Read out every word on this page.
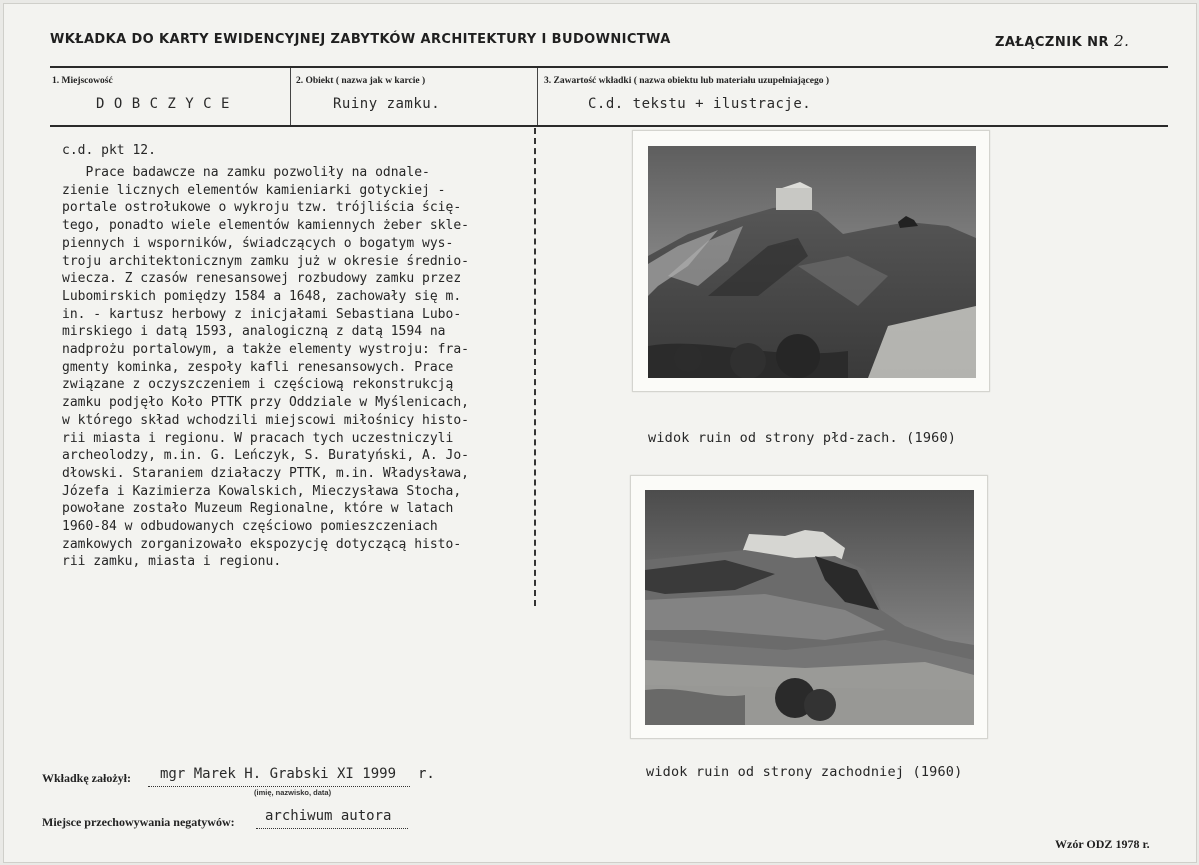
WKŁADKA DO KARTY EWIDENCYJNEJ ZABYTKÓW ARCHITEKTURY I BUDOWNICTWA	ZAŁĄCZNIK NR 2.
1. Miejscowość
D O B C Z Y C E
2. Obiekt ( nazwa jak w karcie )
Ruiny zamku.
3. Zawartość wkładki ( nazwa obiektu lub materiału uzupełniającego )
C.d. tekstu + ilustracje.
c.d. pkt 12.
Prace badawcze na zamku pozwoliły na odnale-
zienie licznych elementów kamieniarki gotyckiej -
portale ostrołukowe o wykroju tzw. trójliścia ścię-
tego, ponadto wiele elementów kamiennych żeber skle-
piennych i wsporników, świadczących o bogatym wys-
troju architektonicznym zamku już w okresie średnio-
wiecza. Z czasów renesansowej rozbudowy zamku przez
Lubomirskich pomiędzy 1584 a 1648, zachowały się m.
in. - kartusz herbowy z inicjałami Sebastiana Lubo-
mirskiego i datą 1593, analogiczną z datą 1594 na
nadprożu portalowym, a także elementy wystroju: fra-
gmenty kominka, zespoły kafli renesansowych. Prace
związane z oczyszczeniem i częściową rekonstrukcją
zamku podjęło Koło PTTK przy Oddziale w Myślenicach,
w którego skład wchodzili miejscowi miłośnicy histo-
rii miasta i regionu. W pracach tych uczestniczyli
archeolodzy, m.in. G. Leńczyk, S. Buratyński, A. Jo-
dłowski. Staraniem działaczy PTTK, m.in. Władysława,
Józefa i Kazimierza Kowalskich, Mieczysława Stocha,
powołane zostało Muzeum Regionalne, które w latach
1960-84 w odbudowanych częściowo pomieszczeniach
zamkowych zorganizowało ekspozycję dotyczącą histo-
rii zamku, miasta i regionu.
widok ruin od strony płd-zach. (1960)
widok ruin od strony zachodniej (1960)
Wkładkę założył: mgr Marek H. Grabski XI 1999 r.
(imię, nazwisko, data)
Miejsce przechowywania negatywów: archiwum autora
Wzór ODZ 1978 r.
